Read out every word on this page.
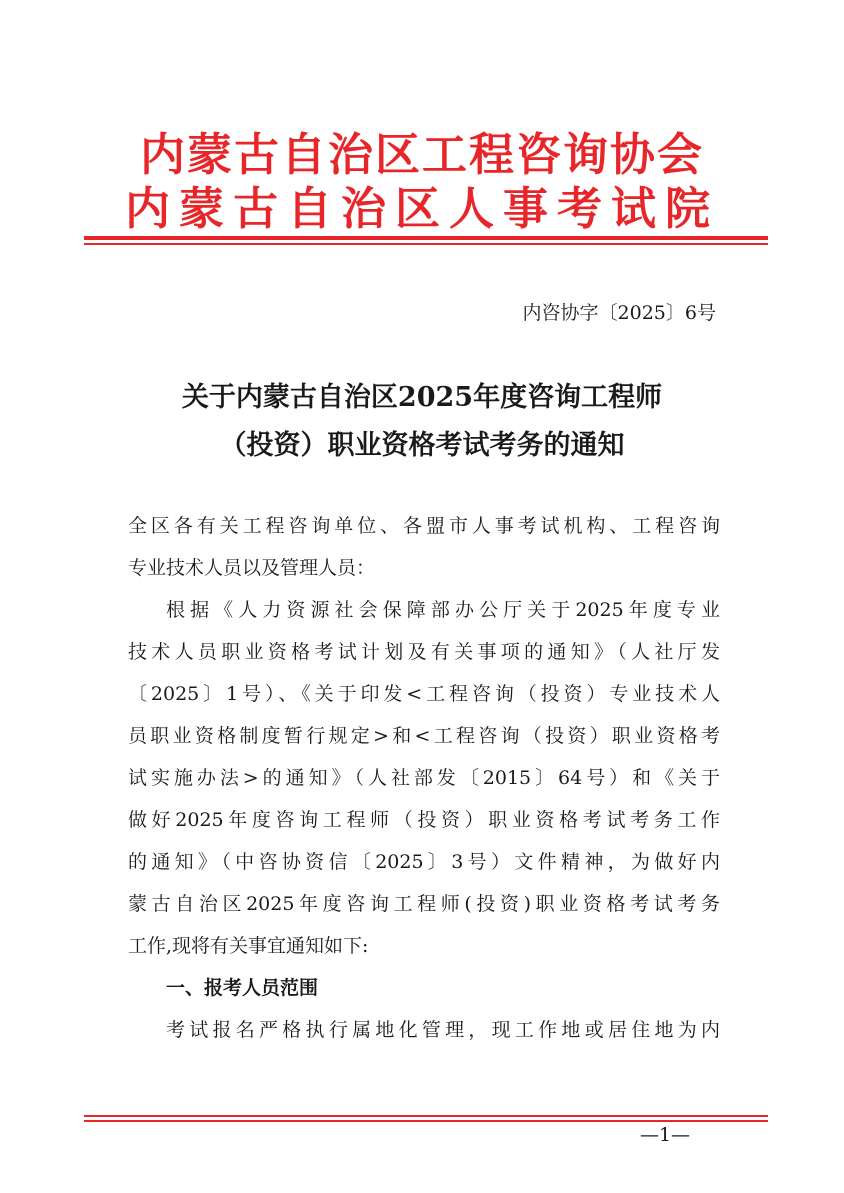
内蒙古自治区工程咨询协会
内蒙古自治区人事考试院
内咨协字〔2025〕6号
关于内蒙古自治区2025年度咨询工程师
（投资）职业资格考试考务的通知

全区各有关工程咨询单位、各盟市人事考试机构、工程咨询

专业技术人员以及管理人员：

根据《人力资源社会保障部办公厅关于2025年度专业

技术人员职业资格考试计划及有关事项的通知》（人社厅发

〔2025〕1号）、《关于印发<工程咨询（投资）专业技术人

员职业资格制度暂行规定>和<工程咨询（投资）职业资格考

试实施办法>的通知》（人社部发〔2015〕64号）和《关于

做好2025年度咨询工程师（投资）职业资格考试考务工作

的通知》（中咨协资信〔2025〕3号）文件精神，为做好内

蒙古自治区2025年度咨询工程师(投资)职业资格考试考务

工作,现将有关事宜通知如下:

一、报考人员范围

考试报名严格执行属地化管理，现工作地或居住地为内

—1—
